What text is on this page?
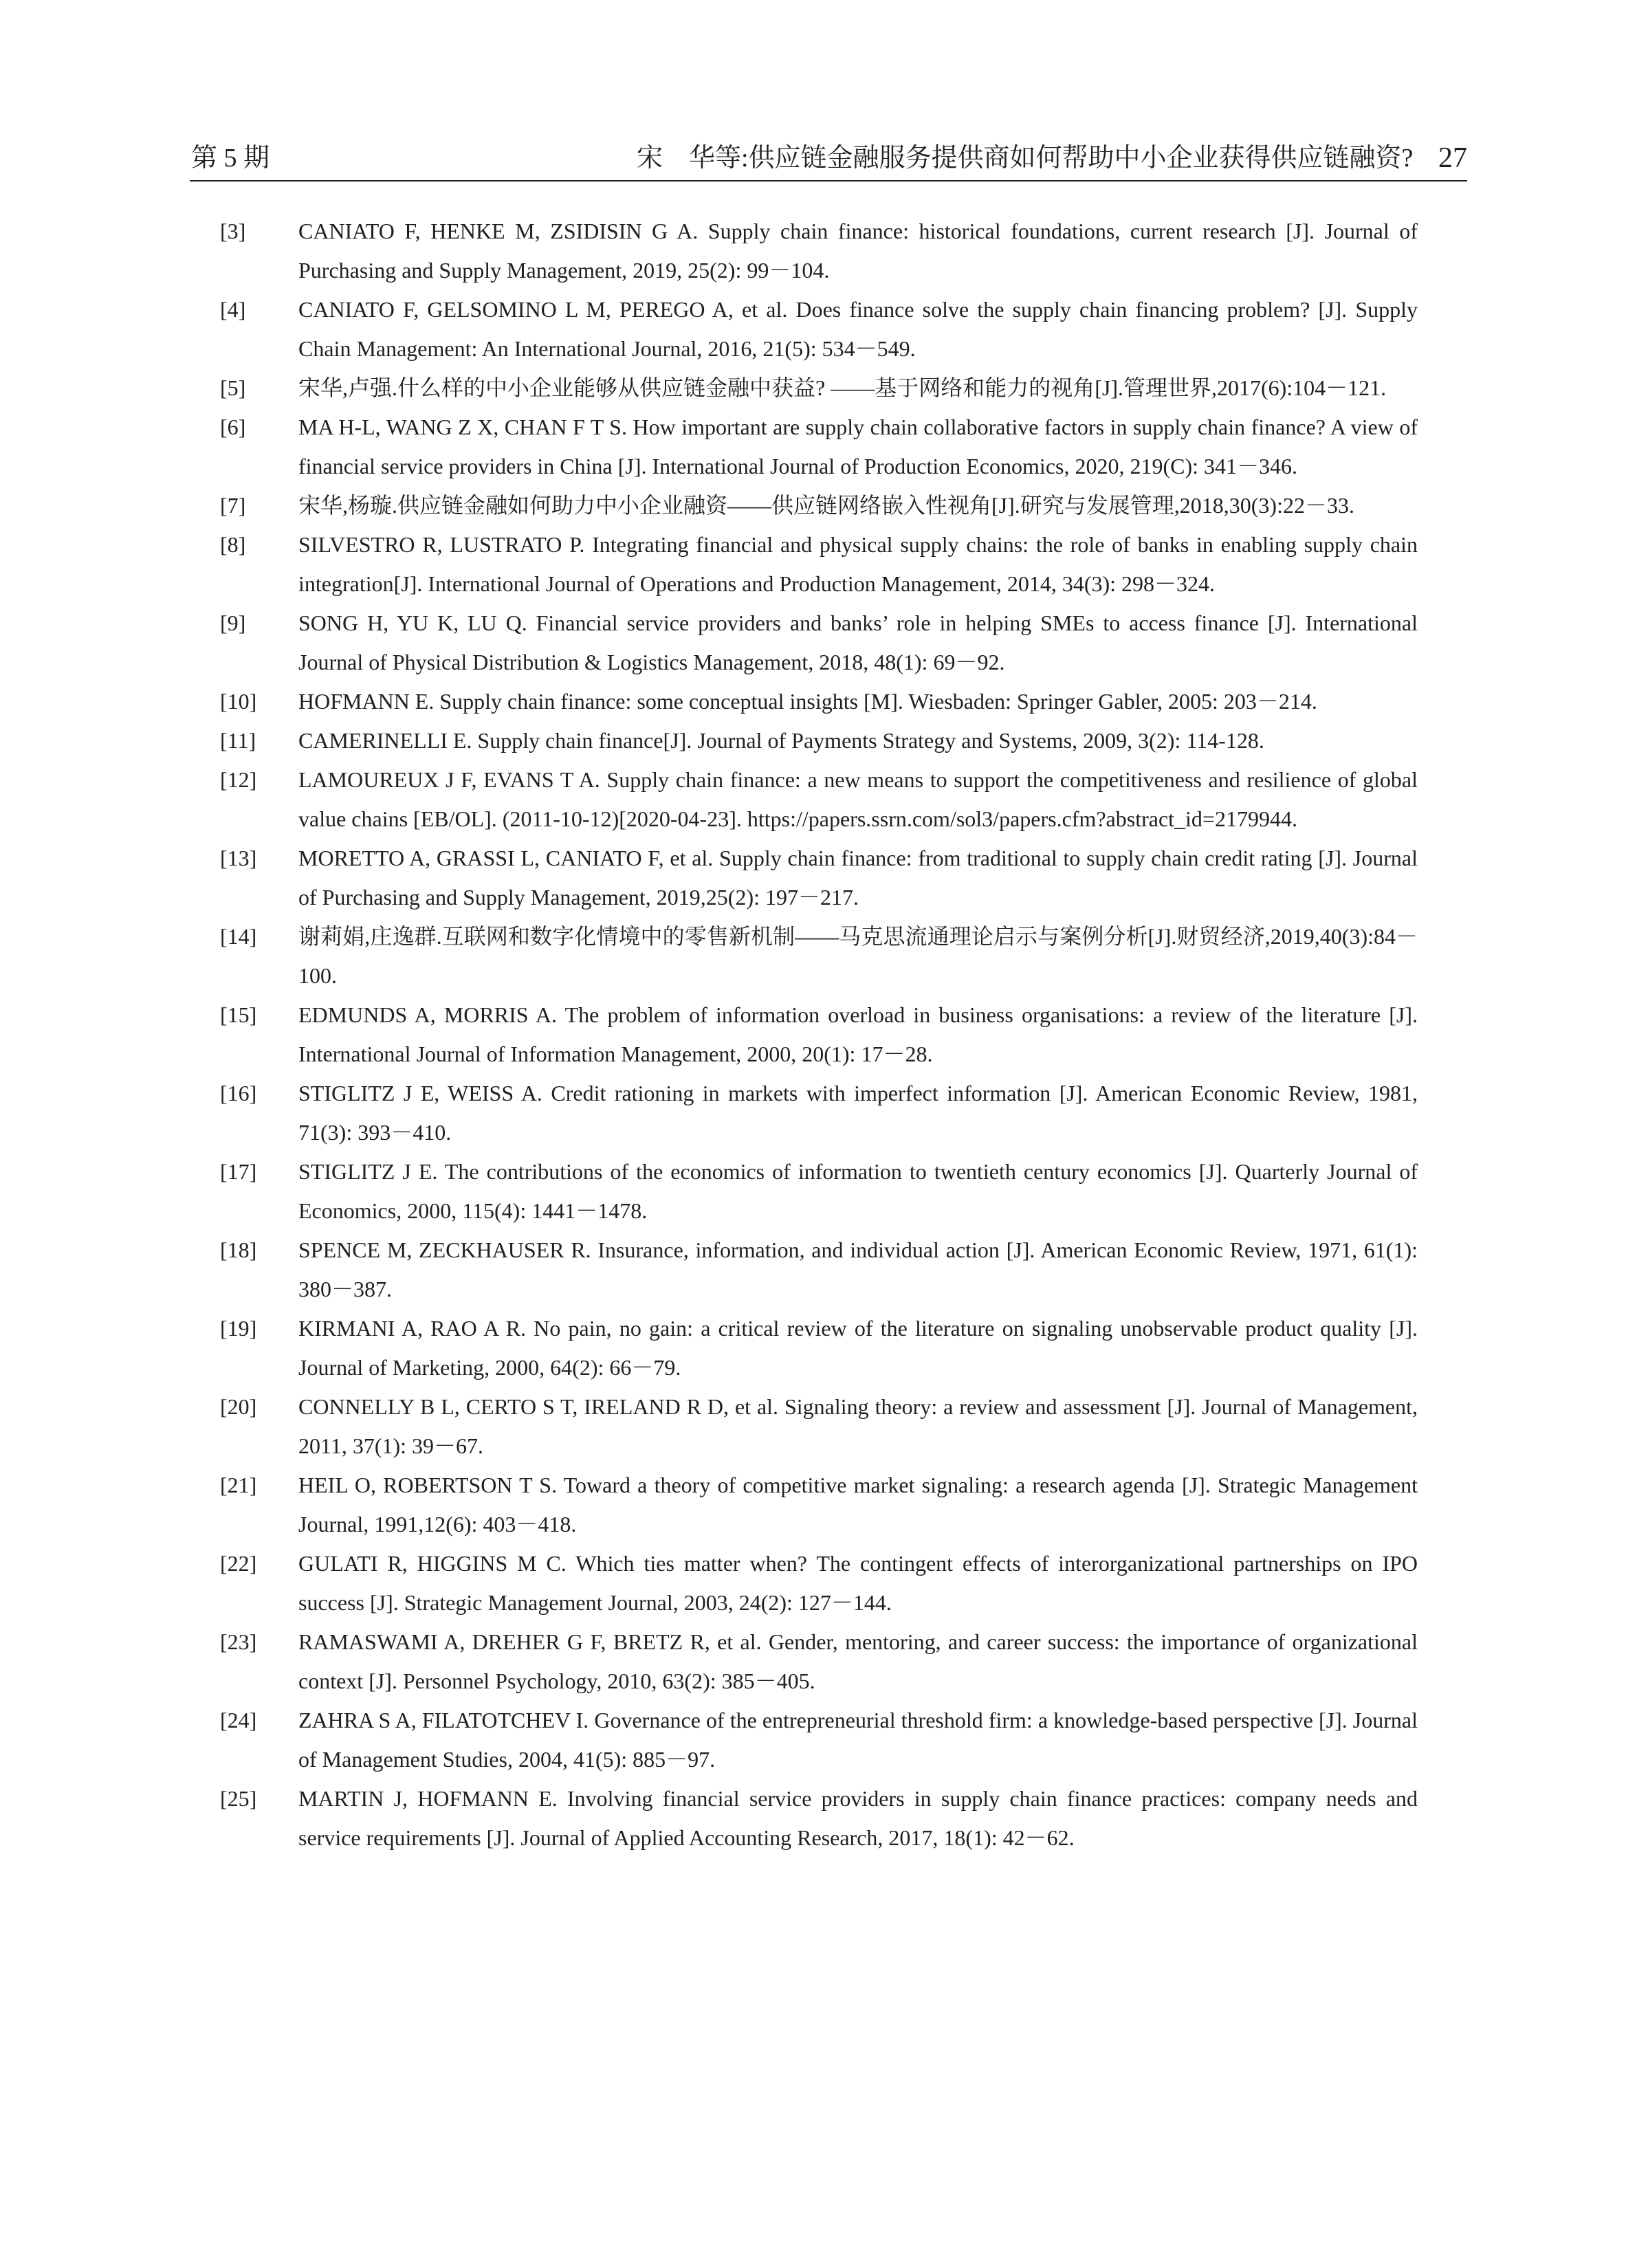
第 5 期	宋　华等:供应链金融服务提供商如何帮助中小企业获得供应链融资? 27
[3] CANIATO F, HENKE M, ZSIDISIN G A. Supply chain finance: historical foundations, current research [J]. Journal of Purchasing and Supply Management, 2019, 25(2): 99－104.
[4] CANIATO F, GELSOMINO L M, PEREGO A, et al. Does finance solve the supply chain financing problem? [J]. Supply Chain Management: An International Journal, 2016, 21(5): 534－549.
[5] 宋华,卢强.什么样的中小企业能够从供应链金融中获益? ——基于网络和能力的视角[J].管理世界,2017(6):104－121.
[6] MA H-L, WANG Z X, CHAN F T S. How important are supply chain collaborative factors in supply chain finance? A view of financial service providers in China [J]. International Journal of Production Economics, 2020, 219(C): 341－346.
[7] 宋华,杨璇.供应链金融如何助力中小企业融资——供应链网络嵌入性视角[J].研究与发展管理,2018,30(3):22－33.
[8] SILVESTRO R, LUSTRATO P. Integrating financial and physical supply chains: the role of banks in enabling supply chain integration[J]. International Journal of Operations and Production Management, 2014, 34(3): 298－324.
[9] SONG H, YU K, LU Q. Financial service providers and banks’ role in helping SMEs to access finance [J]. International Journal of Physical Distribution & Logistics Management, 2018, 48(1): 69－92.
[10] HOFMANN E. Supply chain finance: some conceptual insights [M]. Wiesbaden: Springer Gabler, 2005: 203－214.
[11] CAMERINELLI E. Supply chain finance[J]. Journal of Payments Strategy and Systems, 2009, 3(2): 114-128.
[12] LAMOUREUX J F, EVANS T A. Supply chain finance: a new means to support the competitiveness and resilience of global value chains [EB/OL]. (2011-10-12)[2020-04-23]. https://papers.ssrn.com/sol3/papers.cfm?abstract_id=2179944.
[13] MORETTO A, GRASSI L, CANIATO F, et al. Supply chain finance: from traditional to supply chain credit rating [J]. Journal of Purchasing and Supply Management, 2019,25(2): 197－217.
[14] 谢莉娟,庄逸群.互联网和数字化情境中的零售新机制——马克思流通理论启示与案例分析[J].财贸经济,2019,40(3):84－100.
[15] EDMUNDS A, MORRIS A. The problem of information overload in business organisations: a review of the literature [J]. International Journal of Information Management, 2000, 20(1): 17－28.
[16] STIGLITZ J E, WEISS A. Credit rationing in markets with imperfect information [J]. American Economic Review, 1981, 71(3): 393－410.
[17] STIGLITZ J E. The contributions of the economics of information to twentieth century economics [J]. Quarterly Journal of Economics, 2000, 115(4): 1441－1478.
[18] SPENCE M, ZECKHAUSER R. Insurance, information, and individual action [J]. American Economic Review, 1971, 61(1): 380－387.
[19] KIRMANI A, RAO A R. No pain, no gain: a critical review of the literature on signaling unobservable product quality [J]. Journal of Marketing, 2000, 64(2): 66－79.
[20] CONNELLY B L, CERTO S T, IRELAND R D, et al. Signaling theory: a review and assessment [J]. Journal of Management, 2011, 37(1): 39－67.
[21] HEIL O, ROBERTSON T S. Toward a theory of competitive market signaling: a research agenda [J]. Strategic Management Journal, 1991,12(6): 403－418.
[22] GULATI R, HIGGINS M C. Which ties matter when? The contingent effects of interorganizational partnerships on IPO success [J]. Strategic Management Journal, 2003, 24(2): 127－144.
[23] RAMASWAMI A, DREHER G F, BRETZ R, et al. Gender, mentoring, and career success: the importance of organizational context [J]. Personnel Psychology, 2010, 63(2): 385－405.
[24] ZAHRA S A, FILATOTCHEV I. Governance of the entrepreneurial threshold firm: a knowledge-based perspective [J]. Journal of Management Studies, 2004, 41(5): 885－97.
[25] MARTIN J, HOFMANN E. Involving financial service providers in supply chain finance practices: company needs and service requirements [J]. Journal of Applied Accounting Research, 2017, 18(1): 42－62.
